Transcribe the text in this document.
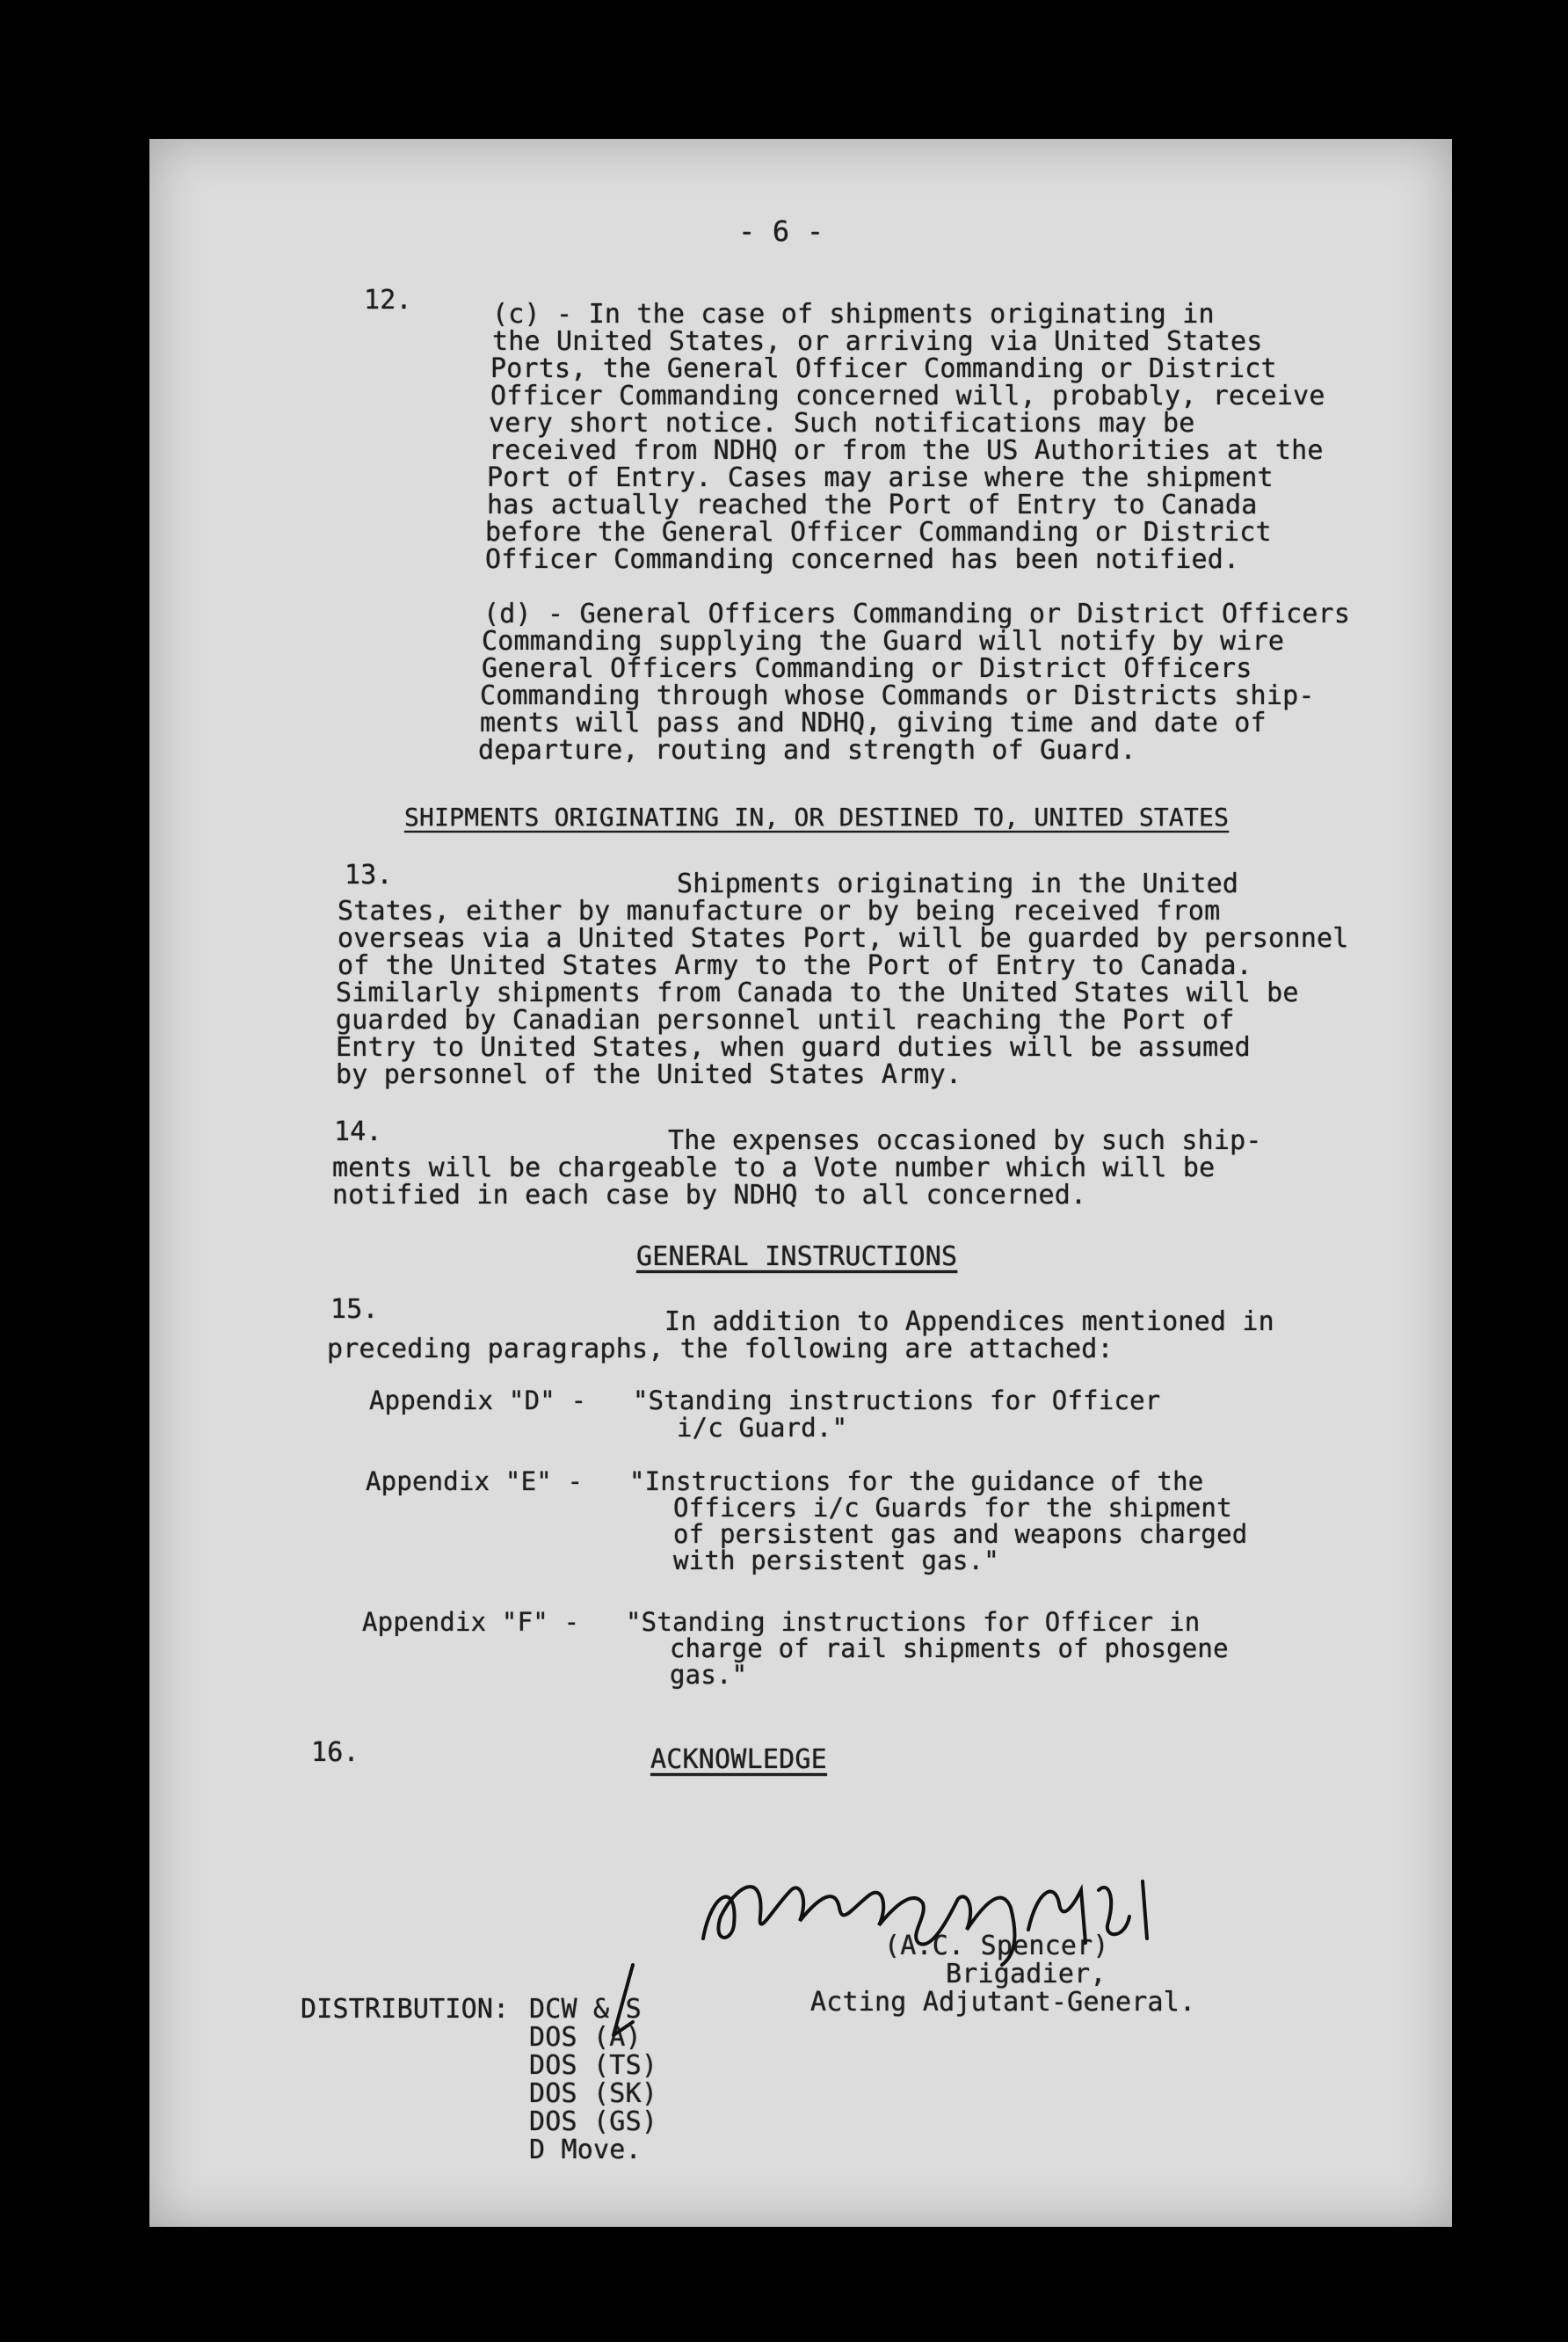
- 6 -
12.	(c) - In the case of shipments originating in
the United States, or arriving via United States
Ports, the General Officer Commanding or District
Officer Commanding concerned will, probably, receive
very short notice. Such notifications may be
received from NDHQ or from the US Authorities at the
Port of Entry. Cases may arise where the shipment
has actually reached the Port of Entry to Canada
before the General Officer Commanding or District
Officer Commanding concerned has been notified.
(d) - General Officers Commanding or District Officers
Commanding supplying the Guard will notify by wire
General Officers Commanding or District Officers
Commanding through whose Commands or Districts ship-
ments will pass and NDHQ, giving time and date of
departure, routing and strength of Guard.
SHIPMENTS ORIGINATING IN, OR DESTINED TO, UNITED STATES
13.	Shipments originating in the United
States, either by manufacture or by being received from
overseas via a United States Port, will be guarded by personnel
of the United States Army to the Port of Entry to Canada.
Similarly shipments from Canada to the United States will be
guarded by Canadian personnel until reaching the Port of
Entry to United States, when guard duties will be assumed
by personnel of the United States Army.
14.	The expenses occasioned by such ship-
ments will be chargeable to a Vote number which will be
notified in each case by NDHQ to all concerned.
GENERAL INSTRUCTIONS
15.	In addition to Appendices mentioned in
preceding paragraphs, the following are attached:
Appendix "D" - "Standing instructions for Officer
i/c Guard."
Appendix "E" - "Instructions for the guidance of the
Officers i/c Guards for the shipment
of persistent gas and weapons charged
with persistent gas."
Appendix "F" - "Standing instructions for Officer in
charge of rail shipments of phosgene
gas."
16.	ACKNOWLEDGE
(A.C. Spencer)
Brigadier,
Acting Adjutant-General.
DISTRIBUTION: DCW & S
DOS (A)
DOS (TS)
DOS (SK)
DOS (GS)
D Move.
